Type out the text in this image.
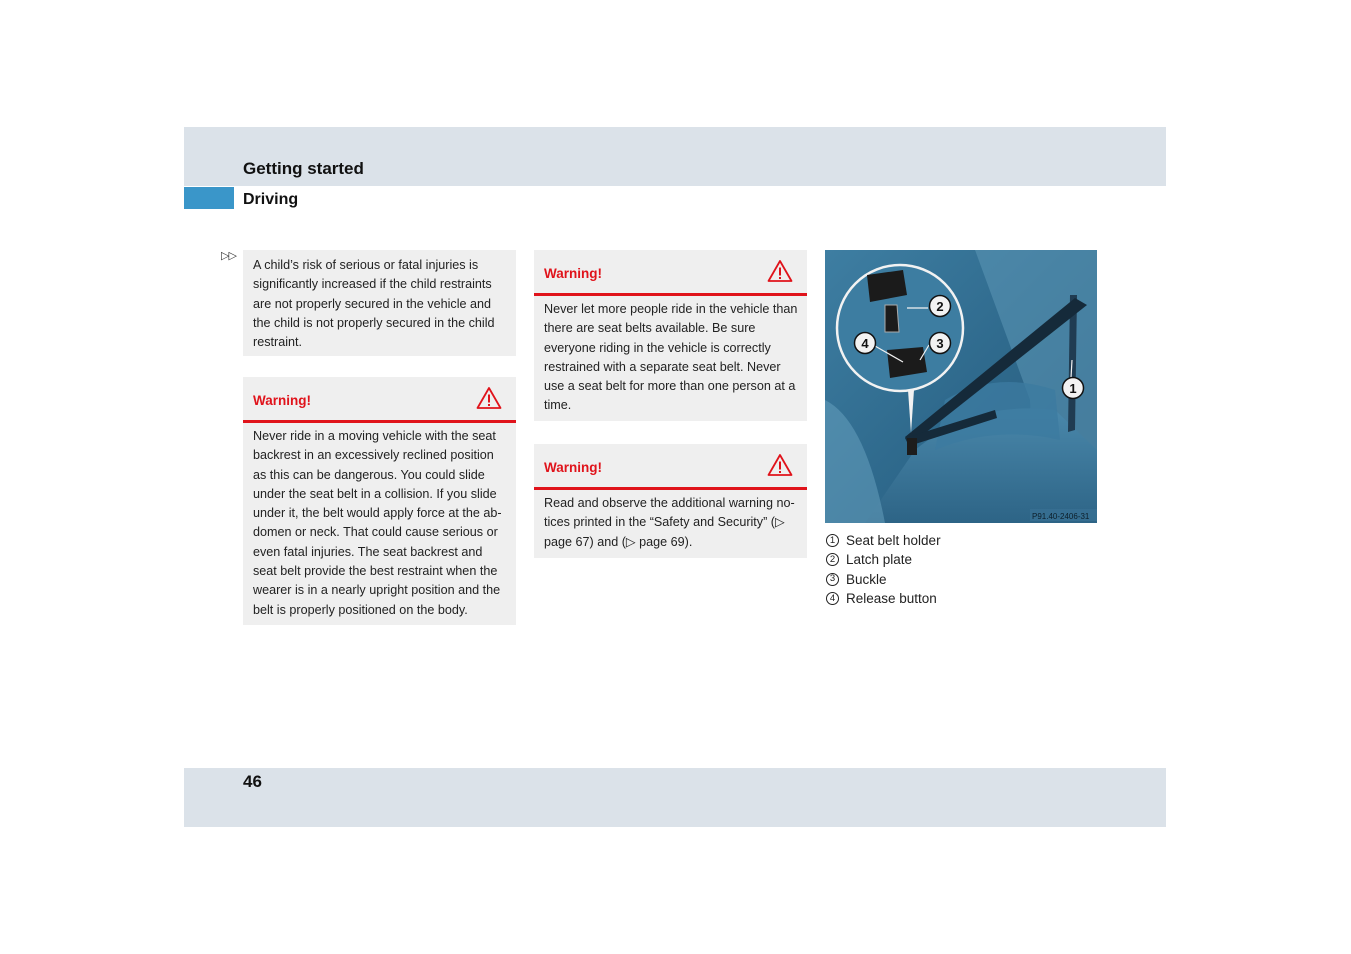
Getting started
Driving
▷▷
A child’s risk of serious or fatal injuries is significantly increased if the child restraints are not properly secured in the vehicle and the child is not properly secured in the child restraint.
Warning!
Never ride in a moving vehicle with the seat backrest in an excessively reclined position as this can be dangerous. You could slide under the seat belt in a collision. If you slide under it, the belt would apply force at the ab-domen or neck. That could cause serious or even fatal injuries. The seat backrest and seat belt provide the best restraint when the wearer is in a nearly upright position and the belt is properly positioned on the body.
Warning!
Never let more people ride in the vehicle than there are seat belts available. Be sure everyone riding in the vehicle is correctly restrained with a separate seat belt. Never use a seat belt for more than one person at a time.
Warning!
Read and observe the additional warning no-tices printed in the “Safety and Security” (▷ page 67) and (▷ page 69).
2
4	3
1
P91.40-2406-31
1 Seat belt holder
2 Latch plate
3 Buckle
4 Release button
46
